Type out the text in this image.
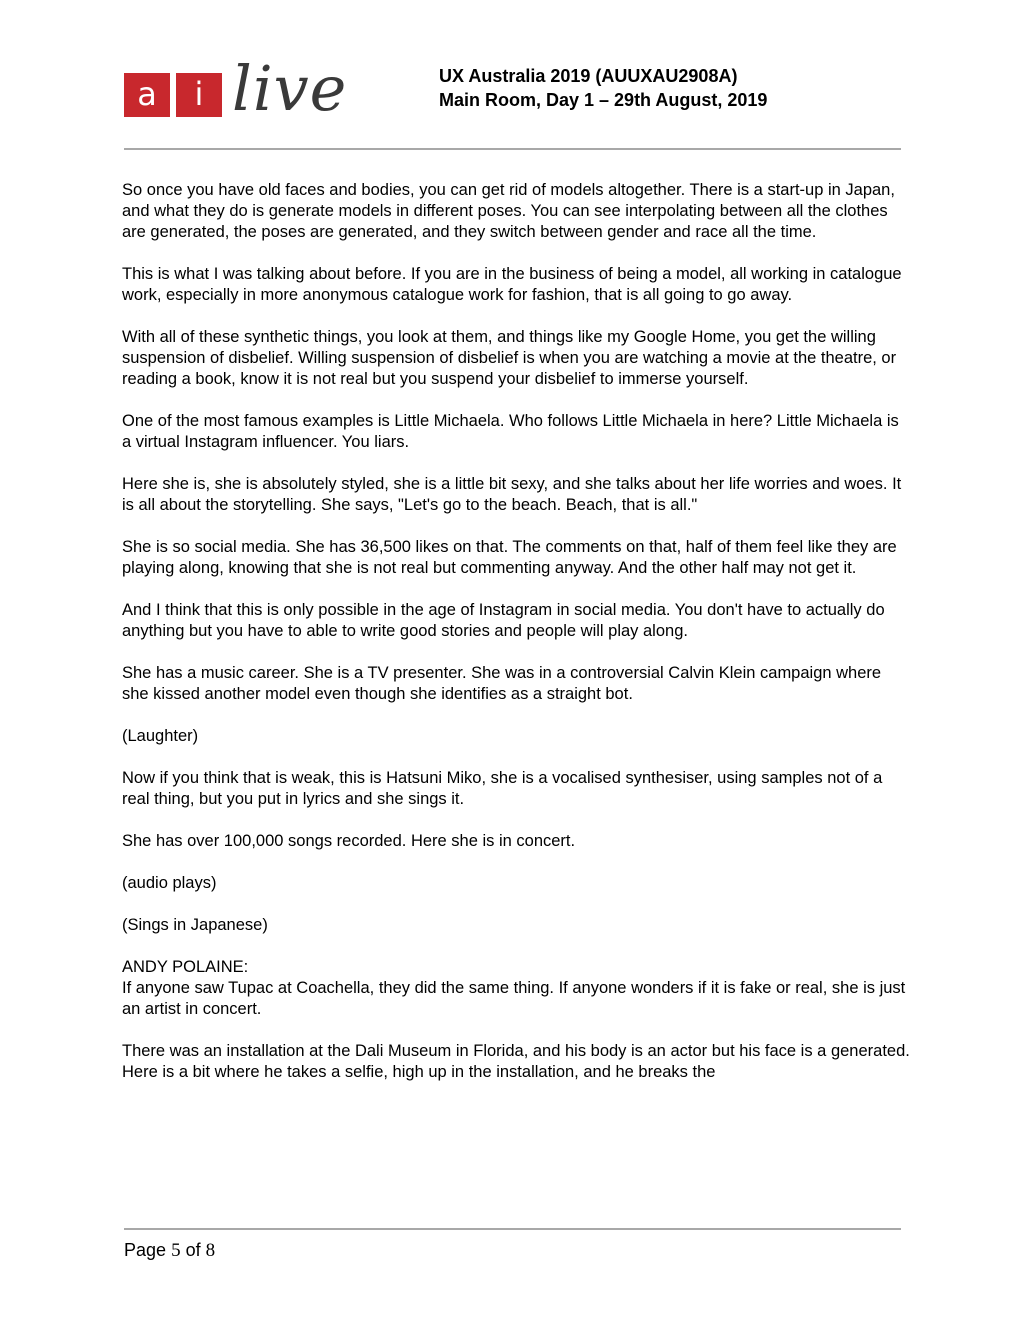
a	i live	UX Australia 2019 (AUUXAU2908A)
Main Room, Day 1 – 29th August, 2019

So once you have old faces and bodies, you can get rid of models altogether. There is a start-up in Japan, and what they do is generate models in different poses. You can see interpolating between all the clothes are generated, the poses are generated, and they switch between gender and race all the time.

This is what I was talking about before. If you are in the business of being a model, all working in catalogue work, especially in more anonymous catalogue work for fashion, that is all going to go away.

With all of these synthetic things, you look at them, and things like my Google Home, you get the willing suspension of disbelief. Willing suspension of disbelief is when you are watching a movie at the theatre, or reading a book, know it is not real but you suspend your disbelief to immerse yourself.

One of the most famous examples is Little Michaela. Who follows Little Michaela in here? Little Michaela is a virtual Instagram influencer. You liars.

Here she is, she is absolutely styled, she is a little bit sexy, and she talks about her life worries and woes. It is all about the storytelling. She says, "Let's go to the beach. Beach, that is all."

She is so social media. She has 36,500 likes on that. The comments on that, half of them feel like they are playing along, knowing that she is not real but commenting anyway. And the other half may not get it.

And I think that this is only possible in the age of Instagram in social media. You don't have to actually do anything but you have to able to write good stories and people will play along.

She has a music career. She is a TV presenter. She was in a controversial Calvin Klein campaign where she kissed another model even though she identifies as a straight bot.

(Laughter)

Now if you think that is weak, this is Hatsuni Miko, she is a vocalised synthesiser, using samples not of a real thing, but you put in lyrics and she sings it.

She has over 100,000 songs recorded. Here she is in concert.

(audio plays)

(Sings in Japanese)

ANDY POLAINE:
If anyone saw Tupac at Coachella, they did the same thing. If anyone wonders if it is fake or real, she is just an artist in concert.

There was an installation at the Dali Museum in Florida, and his body is an actor but his face is a generated. Here is a bit where he takes a selfie, high up in the installation, and he breaks the

Page 5 of 8
